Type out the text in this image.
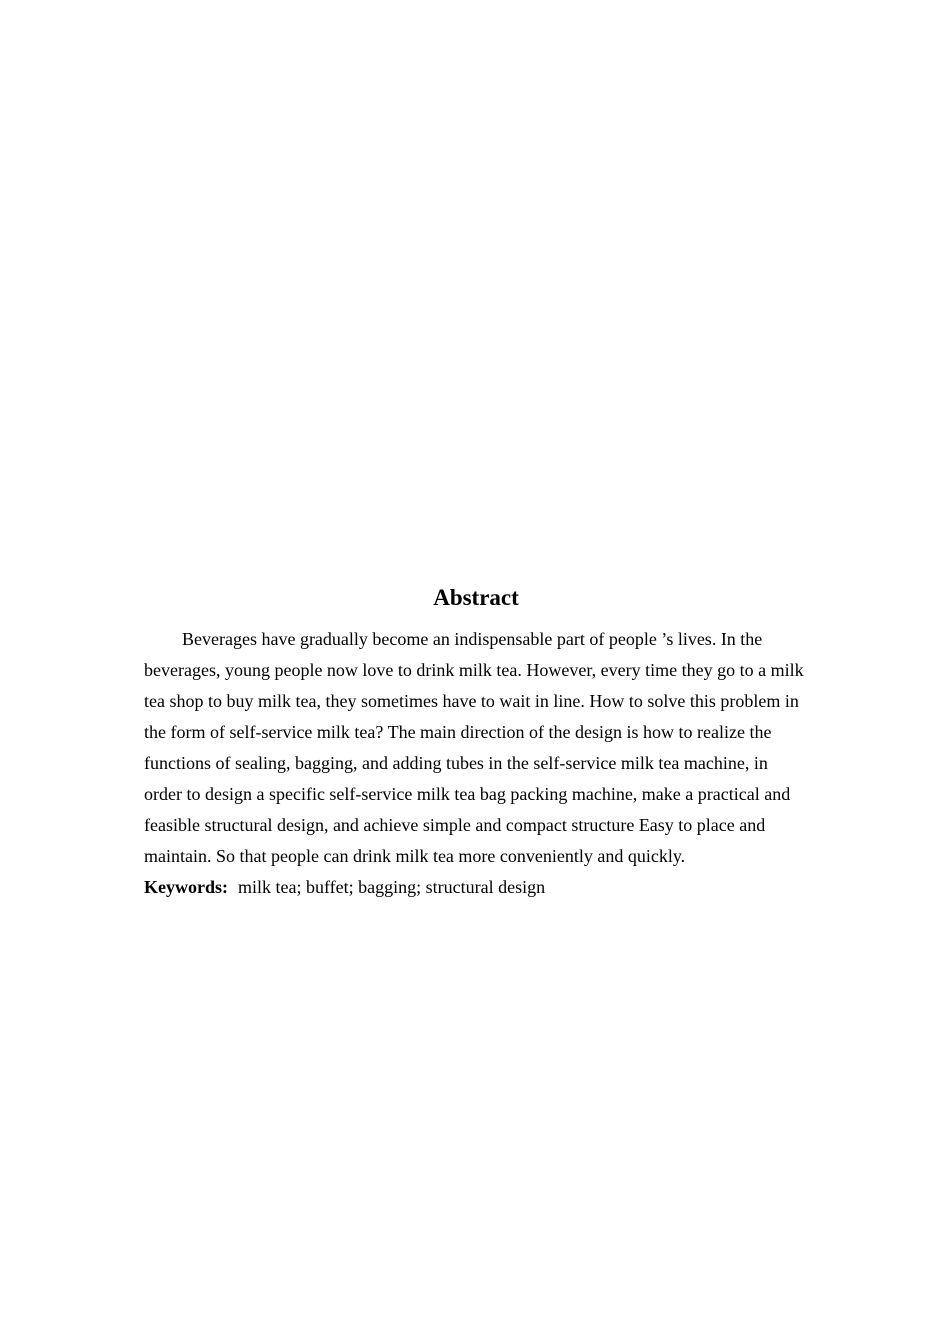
Abstract

Beverages have gradually become an indispensable part of people ’s lives. In the beverages, young people now love to drink milk tea. However, every time they go to a milk tea shop to buy milk tea, they sometimes have to wait in line. How to solve this problem in the form of self-service milk tea? The main direction of the design is how to realize the functions of sealing, bagging, and adding tubes in the self-service milk tea machine, in order to design a specific self-service milk tea bag packing machine, make a practical and feasible structural design, and achieve simple and compact structure Easy to place and maintain. So that people can drink milk tea more conveniently and quickly.

Keywords: milk tea; buffet; bagging; structural design
